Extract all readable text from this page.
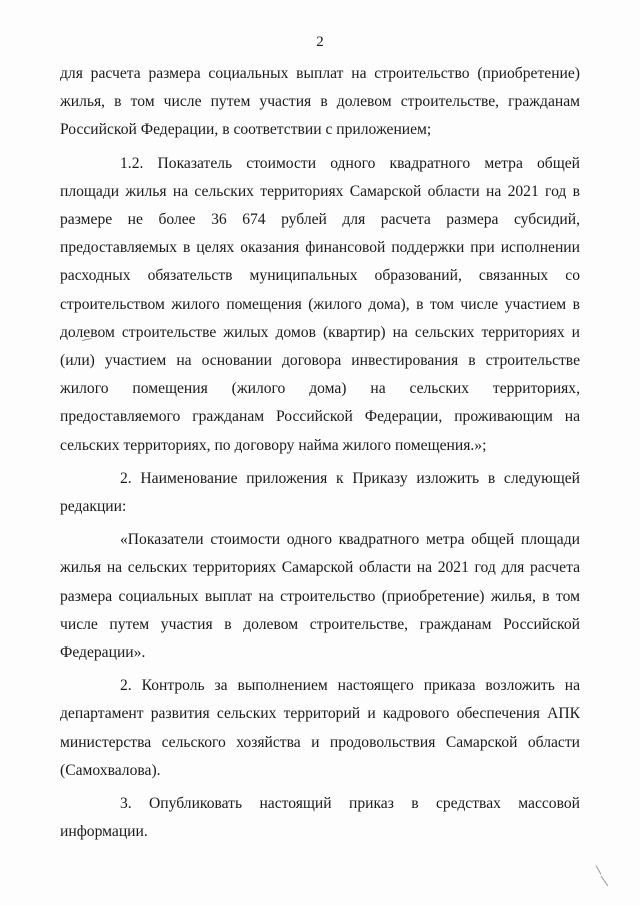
2

для расчета размера социальных выплат на строительство (приобретение) жилья, в том числе путем участия в долевом строительстве, гражданам Российской Федерации, в соответствии с приложением;

1.2. Показатель стоимости одного квадратного метра общей площади жилья на сельских территориях Самарской области на 2021 год в размере не более 36 674 рублей для расчета размера субсидий, предоставляемых в целях оказания финансовой поддержки при исполнении расходных обязательств муниципальных образований, связанных со строительством жилого помещения (жилого дома), в том числе участием в долевом строительстве жилых домов (квартир) на сельских территориях и (или) участием на основании договора инвестирования в строительстве жилого помещения (жилого дома) на сельских территориях, предоставляемого гражданам Российской Федерации, проживающим на сельских территориях, по договору найма жилого помещения.»;

2. Наименование приложения к Приказу изложить в следующей редакции:

«Показатели стоимости одного квадратного метра общей площади жилья на сельских территориях Самарской области на 2021 год для расчета размера социальных выплат на строительство (приобретение) жилья, в том числе путем участия в долевом строительстве, гражданам Российской Федерации».

2. Контроль за выполнением настоящего приказа возложить на департамент развития сельских территорий и кадрового обеспечения АПК министерства сельского хозяйства и продовольствия Самарской области (Самохвалова).

3. Опубликовать настоящий приказ в средствах массовой информации.
